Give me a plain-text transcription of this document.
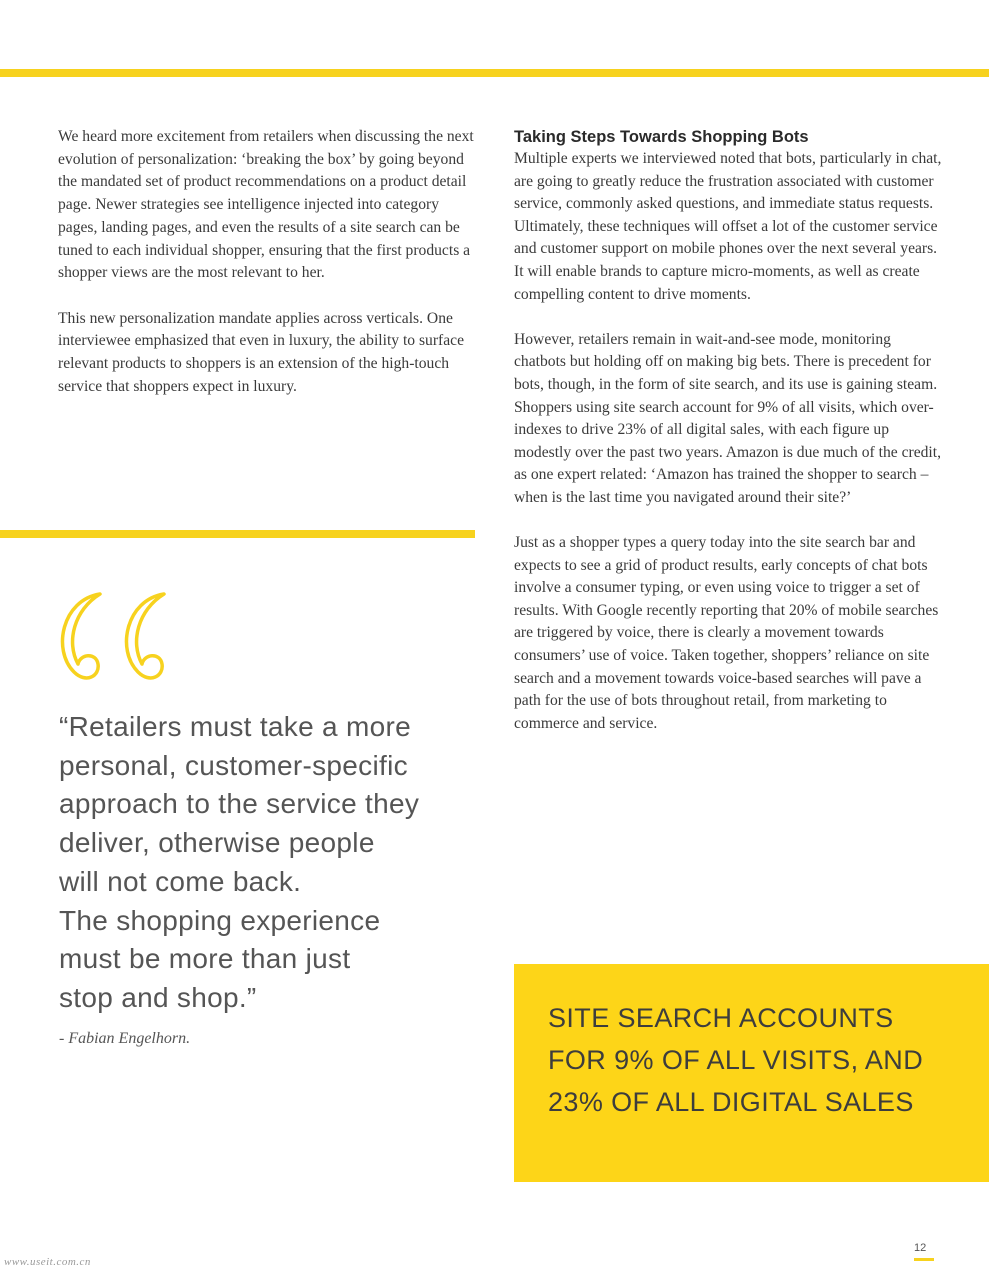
We heard more excitement from retailers when discussing the next evolution of personalization: ‘breaking the box’ by going beyond the mandated set of product recommendations on a product detail page. Newer strategies see intelligence injected into category pages, landing pages, and even the results of a site search can be tuned to each individual shopper, ensuring that the first products a shopper views are the most relevant to her.

This new personalization mandate applies across verticals. One interviewee emphasized that even in luxury, the ability to surface relevant products to shoppers is an extension of the high-touch service that shoppers expect in luxury.

“Retailers must take a more
personal, customer-specific
approach to the service they
deliver, otherwise people
will not come back.
The shopping experience
must be more than just
stop and shop.”
- Fabian Engelhorn.
Taking Steps Towards Shopping Bots

Multiple experts we interviewed noted that bots, particularly in chat, are going to greatly reduce the frustration associated with customer service, commonly asked questions, and immediate status requests. Ultimately, these techniques will offset a lot of the customer service and customer support on mobile phones over the next several years. It will enable brands to capture micro-moments, as well as create compelling content to drive moments.

However, retailers remain in wait-and-see mode, monitoring chatbots but holding off on making big bets. There is precedent for bots, though, in the form of site search, and its use is gaining steam. Shoppers using site search account for 9% of all visits, which over-indexes to drive 23% of all digital sales, with each figure up modestly over the past two years. Amazon is due much of the credit, as one expert related: ‘Amazon has trained the shopper to search – when is the last time you navigated around their site?’

Just as a shopper types a query today into the site search bar and expects to see a grid of product results, early concepts of chat bots involve a consumer typing, or even using voice to trigger a set of results. With Google recently reporting that 20% of mobile searches are triggered by voice, there is clearly a movement towards consumers’ use of voice. Taken together, shoppers’ reliance on site search and a movement towards voice-based searches will pave a path for the use of bots throughout retail, from marketing to commerce and service.

SITE SEARCH ACCOUNTS
FOR 9% OF ALL VISITS, AND
23% OF ALL DIGITAL SALES
12
www.useit.com.cn
